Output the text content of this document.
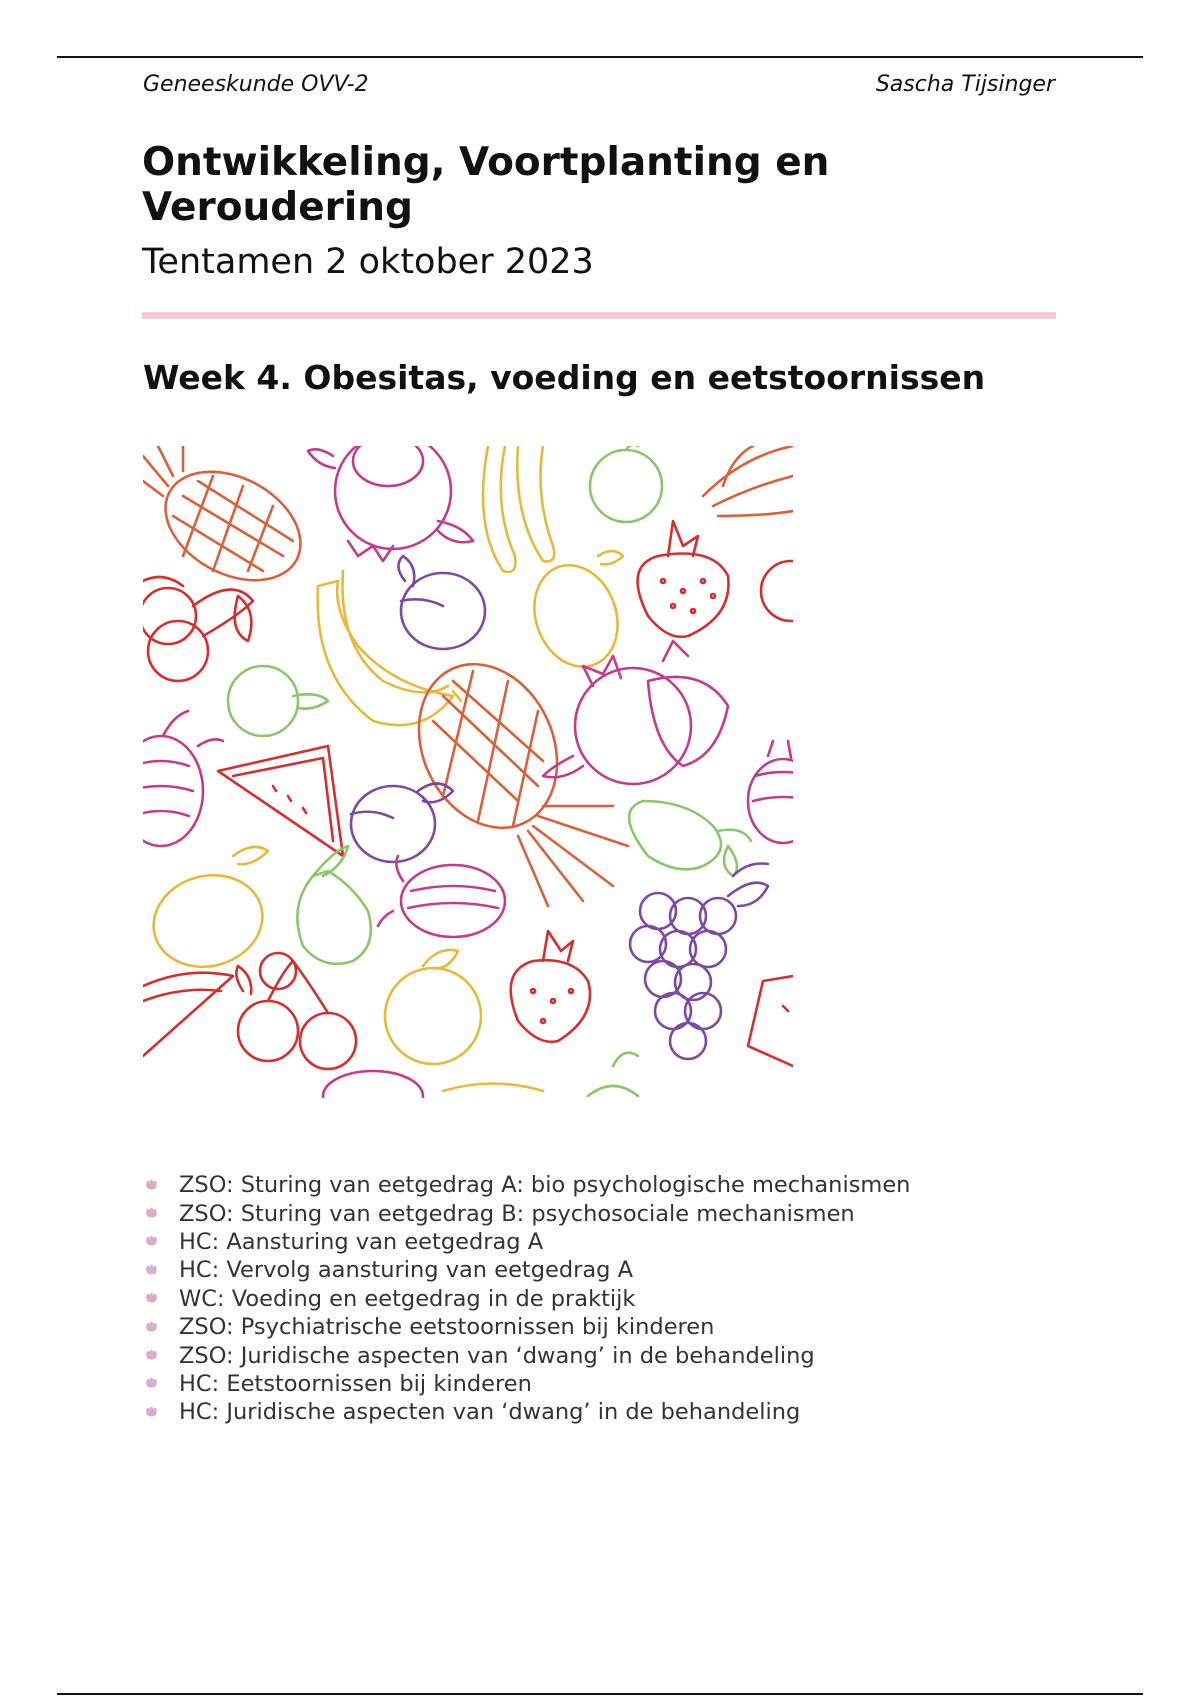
Geneeskunde OVV-2	Sascha Tijsinger
Ontwikkeling, Voortplanting en Veroudering
Tentamen 2 oktober 2023
Week 4. Obesitas, voeding en eetstoornissen
ZSO: Sturing van eetgedrag A: bio psychologische mechanismen
ZSO: Sturing van eetgedrag B: psychosociale mechanismen
HC: Aansturing van eetgedrag A
HC: Vervolg aansturing van eetgedrag A
WC: Voeding en eetgedrag in de praktijk
ZSO: Psychiatrische eetstoornissen bij kinderen
ZSO: Juridische aspecten van ‘dwang’ in de behandeling
HC: Eetstoornissen bij kinderen
HC: Juridische aspecten van ‘dwang’ in de behandeling
